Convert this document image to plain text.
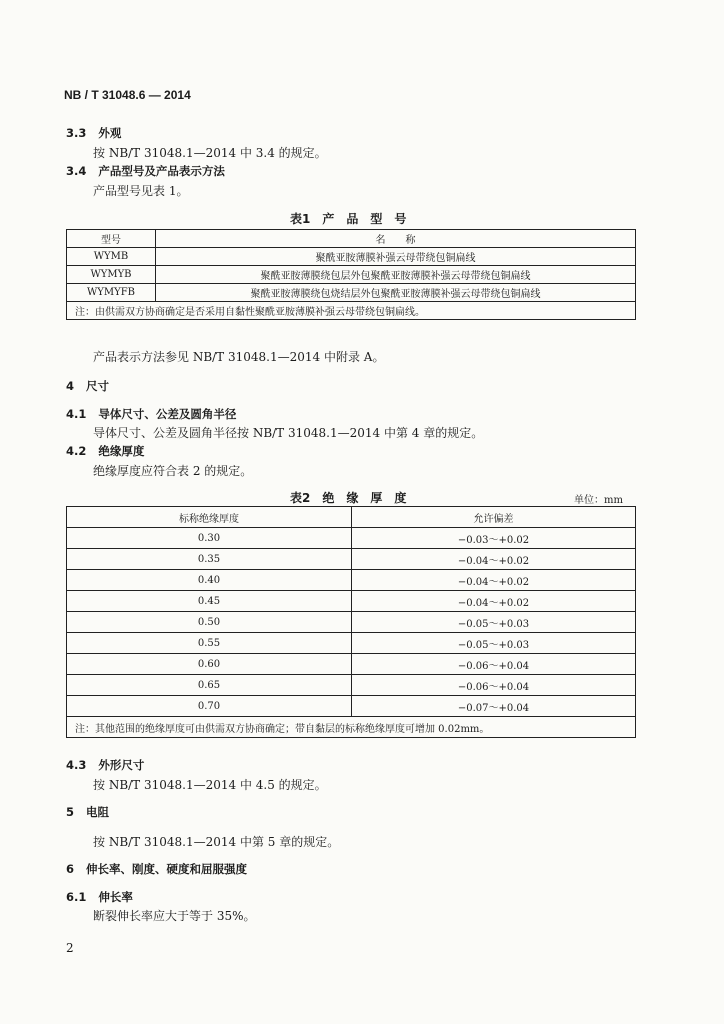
NB / T 31048.6 — 2014
3.3 外观
按 NB/T 31048.1—2014 中 3.4 的规定。
3.4 产品型号及产品表示方法
产品型号见表 1。
表1　产　品　型　号
型号	名　　称
WYMB	聚酰亚胺薄膜补强云母带绕包铜扁线
WYMYB	聚酰亚胺薄膜绕包层外包聚酰亚胺薄膜补强云母带绕包铜扁线
WYMYFB	聚酰亚胺薄膜绕包烧结层外包聚酰亚胺薄膜补强云母带绕包铜扁线
注：由供需双方协商确定是否采用自黏性聚酰亚胺薄膜补强云母带绕包铜扁线。	
产品表示方法参见 NB/T 31048.1—2014 中附录 A。
4 尺寸
4.1 导体尺寸、公差及圆角半径
导体尺寸、公差及圆角半径按 NB/T 31048.1—2014 中第 4 章的规定。
4.2 绝缘厚度
绝缘厚度应符合表 2 的规定。
表2　绝　缘　厚　度	单位：mm
标称绝缘厚度	允许偏差
0.30	−0.03～+0.02
0.35	−0.04～+0.02
0.40	−0.04～+0.02
0.45	−0.04～+0.02
0.50	−0.05～+0.03
0.55	−0.05～+0.03
0.60	−0.06～+0.04
0.65	−0.06～+0.04
0.70	−0.07～+0.04
注：其他范围的绝缘厚度可由供需双方协商确定；带自黏层的标称绝缘厚度可增加 0.02mm。	
4.3 外形尺寸
按 NB/T 31048.1—2014 中 4.5 的规定。
5 电阻
按 NB/T 31048.1—2014 中第 5 章的规定。
6 伸长率、刚度、硬度和屈服强度
6.1 伸长率
断裂伸长率应大于等于 35%。
2
